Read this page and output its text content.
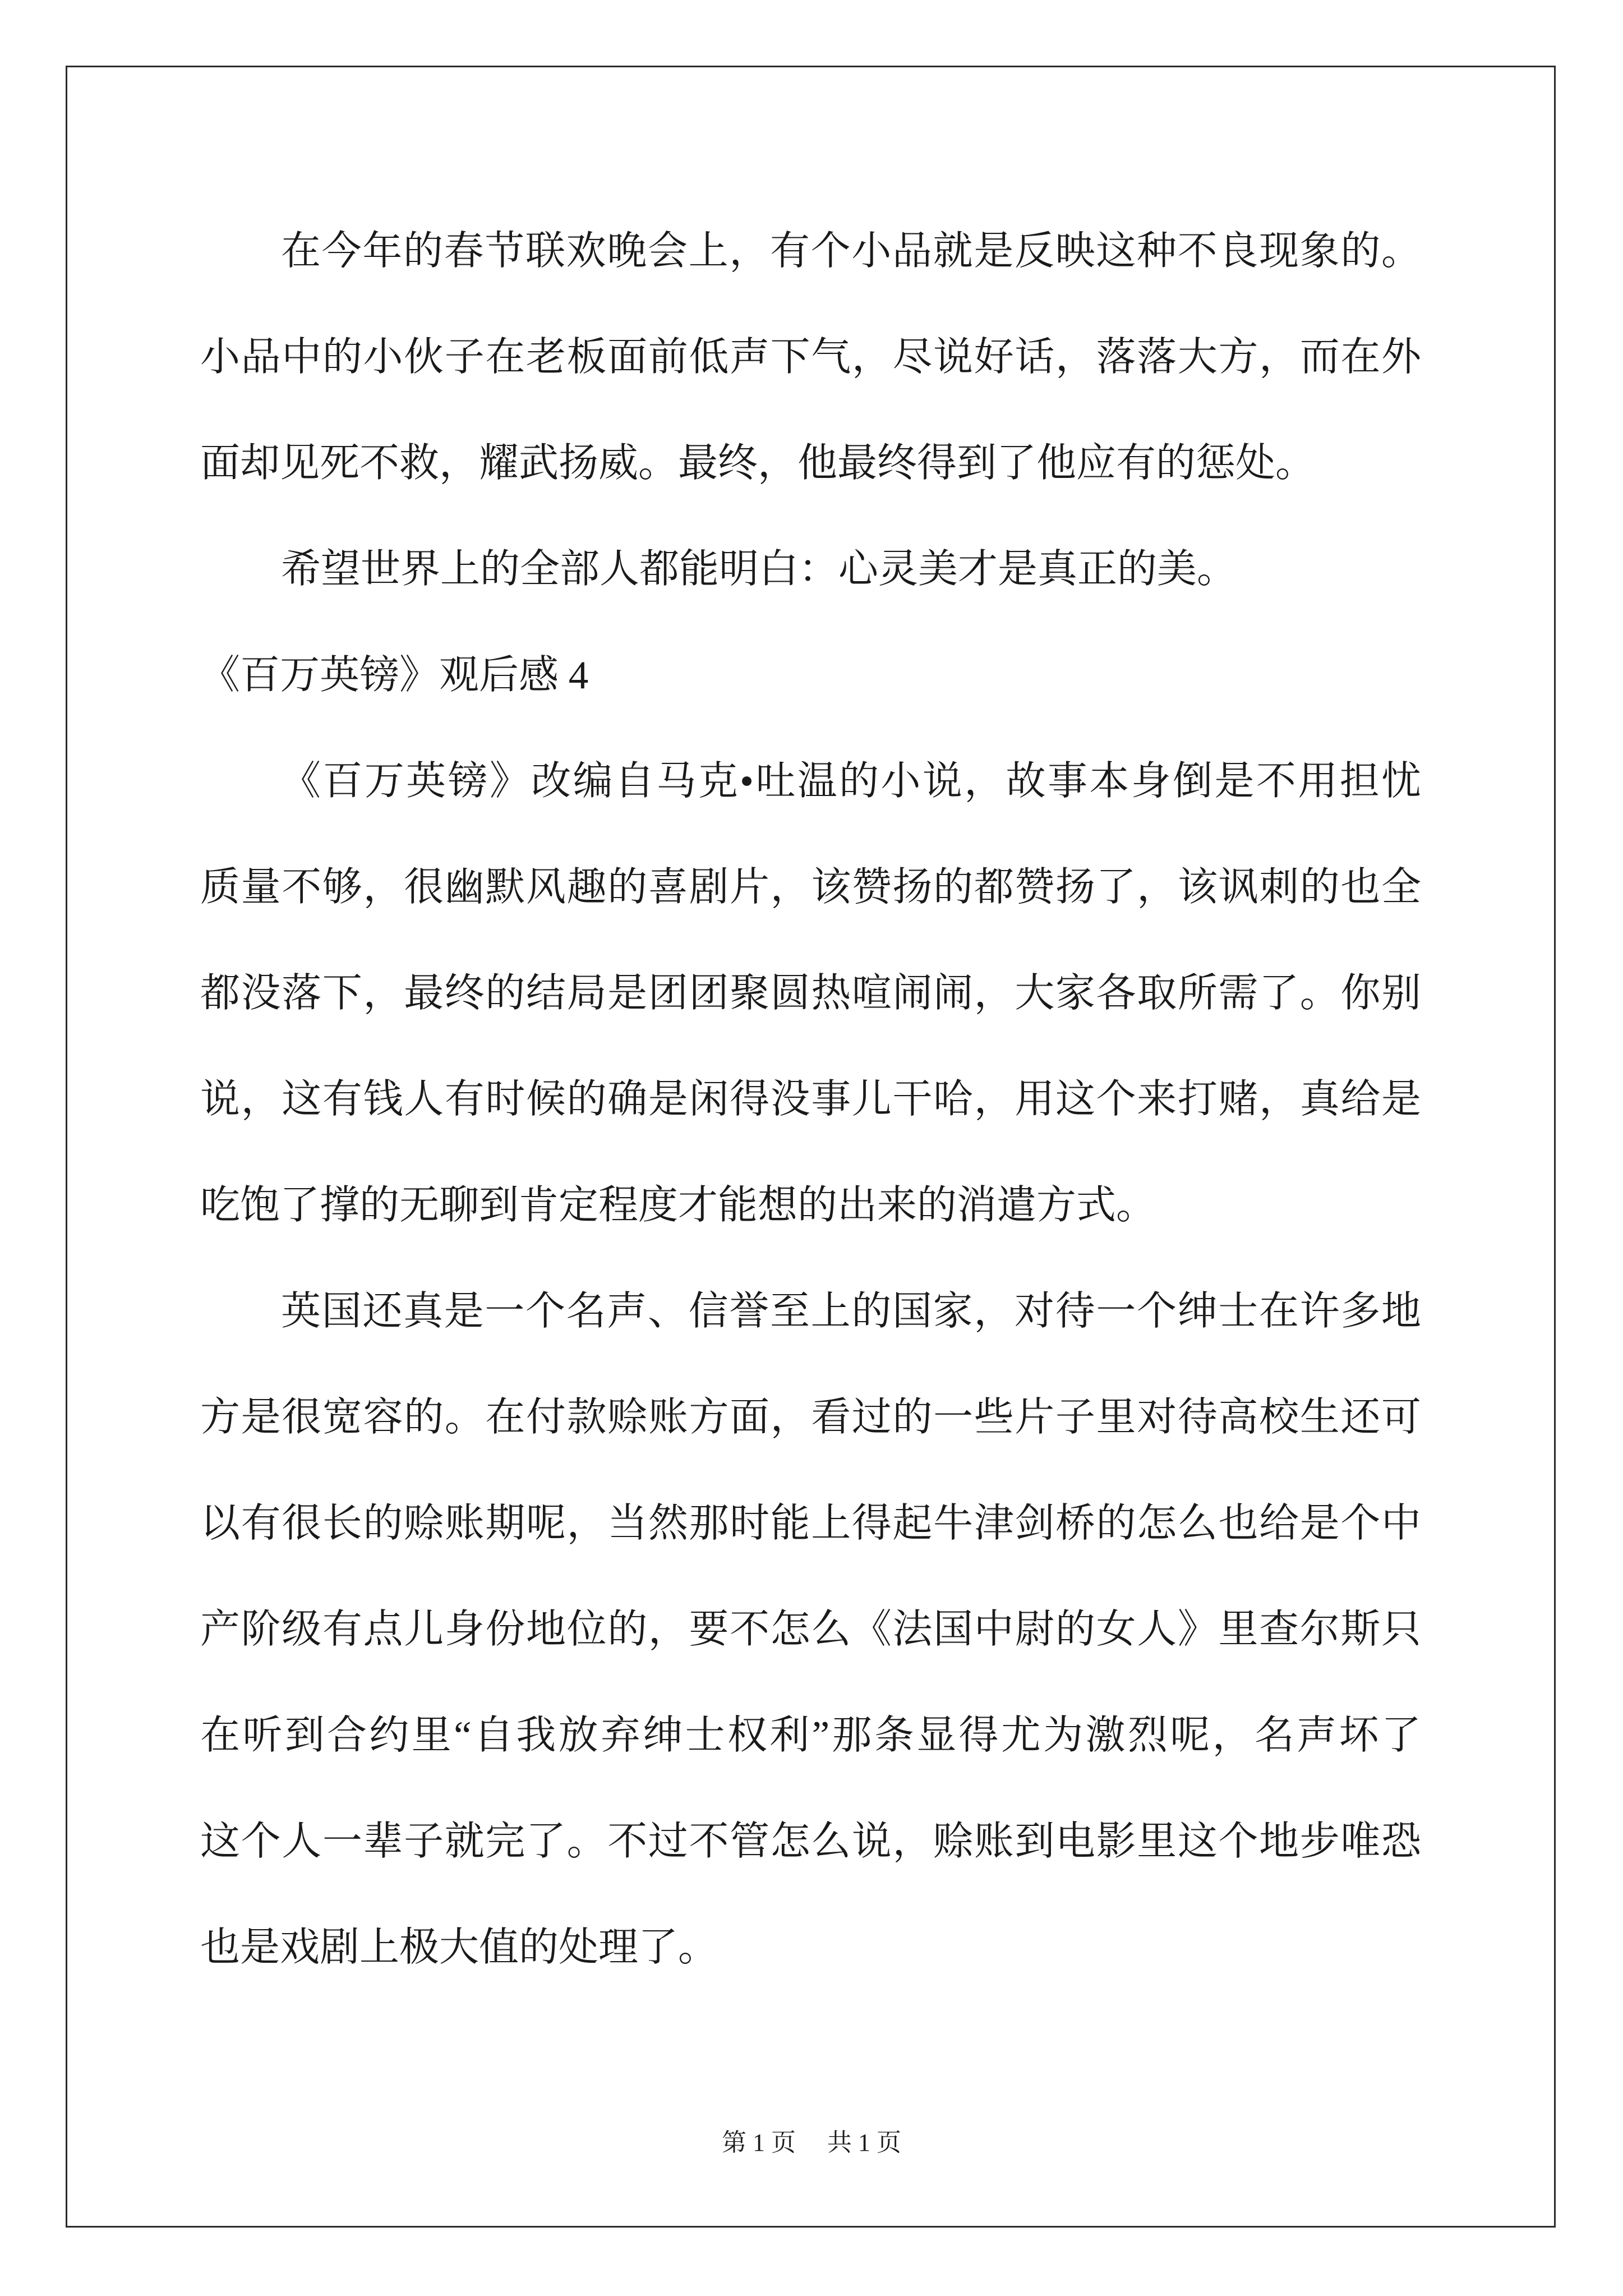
在今年的春节联欢晚会上，有个小品就是反映这种不良现象的。
小品中的小伙子在老板面前低声下气，尽说好话，落落大方，而在外
面却见死不救，耀武扬威。最终，他最终得到了他应有的惩处。
希望世界上的全部人都能明白：心灵美才是真正的美。
《百万英镑》观后感 4
《百万英镑》改编自马克•吐温的小说，故事本身倒是不用担忧
质量不够，很幽默风趣的喜剧片，该赞扬的都赞扬了，该讽刺的也全
都没落下，最终的结局是团团聚圆热喧闹闹，大家各取所需了。你别
说，这有钱人有时候的确是闲得没事儿干哈，用这个来打赌，真给是
吃饱了撑的无聊到肯定程度才能想的出来的消遣方式。
英国还真是一个名声、信誉至上的国家，对待一个绅士在许多地
方是很宽容的。在付款赊账方面，看过的一些片子里对待高校生还可
以有很长的赊账期呢，当然那时能上得起牛津剑桥的怎么也给是个中
产阶级有点儿身份地位的，要不怎么《法国中尉的女人》里查尔斯只
在听到合约里“自我放弃绅士权利”那条显得尤为激烈呢，名声坏了
这个人一辈子就完了。不过不管怎么说，赊账到电影里这个地步唯恐
也是戏剧上极大值的处理了。
第 1 页 共 1 页
